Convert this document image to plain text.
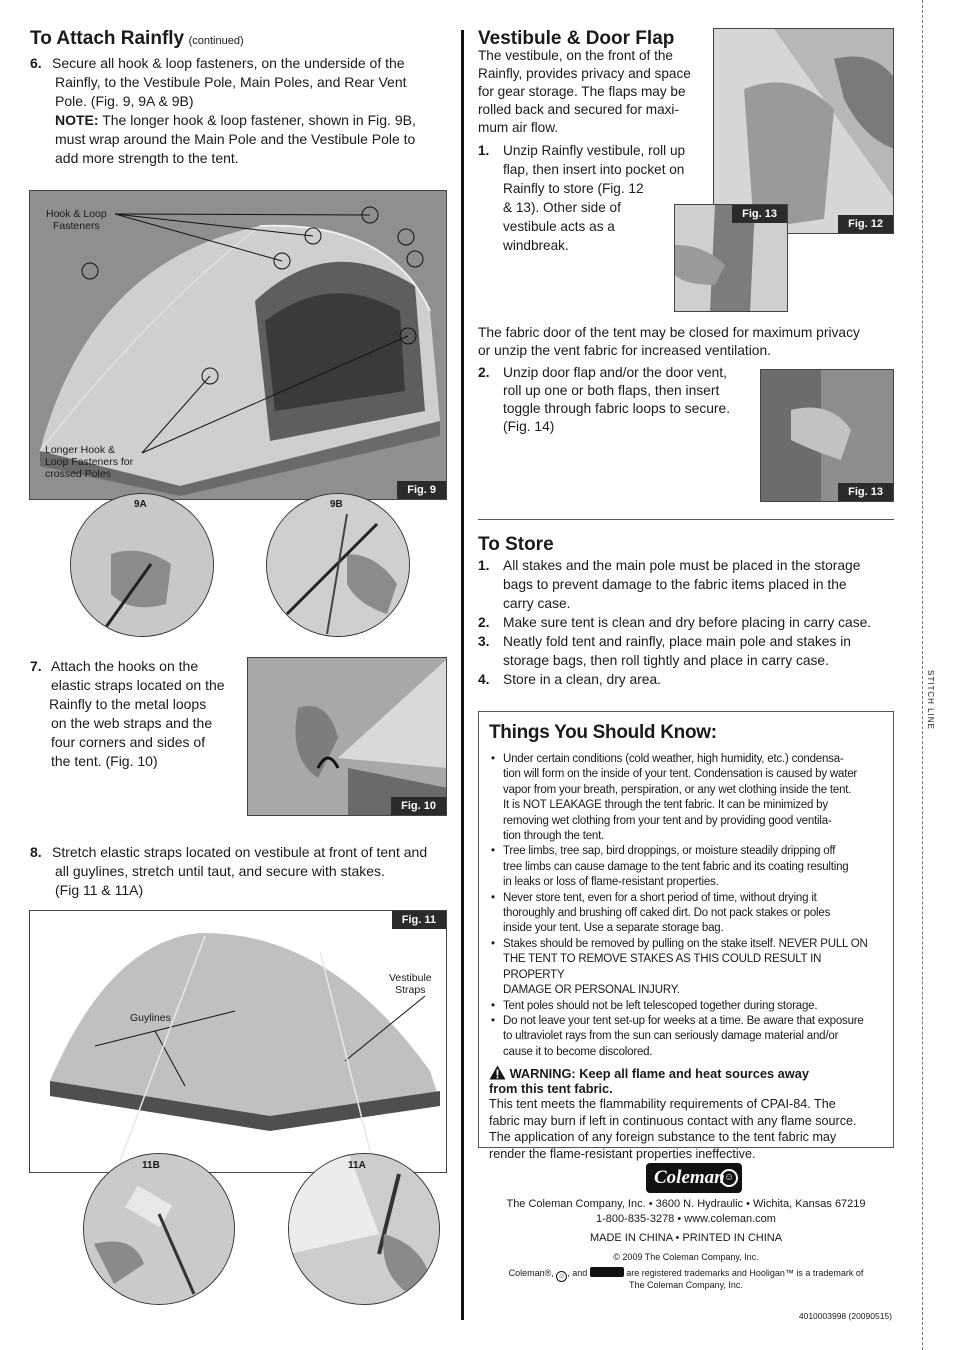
To Attach Rainfly (continued)
6. Secure all hook & loop fasteners, on the underside of the
Rainfly, to the Vestibule Pole, Main Poles, and Rear Vent
Pole. (Fig. 9, 9A & 9B)
NOTE: The longer hook & loop fastener, shown in Fig. 9B,
must wrap around the Main Pole and the Vestibule Pole to
add more strength to the tent.
Hook & Loop
Fasteners
Longer Hook &
Loop Fasteners for
crossed Poles
Fig. 9
9A	9B
7. Attach the hooks on the
elastic straps located on the
Rainfly to the metal loops
on the web straps and the
four corners and sides of
the tent. (Fig. 10)
Fig. 10
8. Stretch elastic straps located on vestibule at front of tent and
all guylines, stretch until taut, and secure with stakes.
(Fig 11 & 11A)
Guylines
Vestibule
Straps
Fig. 11
11B	11A
Vestibule & Door Flap
The vestibule, on the front of the
Rainfly, provides privacy and space
for gear storage. The flaps may be
rolled back and secured for maxi-
mum air flow.
1. Unzip Rainfly vestibule, roll up
flap, then insert into pocket on
Rainfly to store (Fig. 12
& 13). Other side of
vestibule acts as a
windbreak.
Fig. 12
Fig. 13
The fabric door of the tent may be closed for maximum privacy
or unzip the vent fabric for increased ventilation.
2. Unzip door flap and/or the door vent,
roll up one or both flaps, then insert
toggle through fabric loops to secure.
(Fig. 14)
Fig. 13
To Store
1. All stakes and the main pole must be placed in the storage
bags to prevent damage to the fabric items placed in the
carry case.
2. Make sure tent is clean and dry before placing in carry case.
3. Neatly fold tent and rainfly, place main pole and stakes in
storage bags, then roll tightly and place in carry case.
4. Store in a clean, dry area.
Things You Should Know:
• Under certain conditions (cold weather, high humidity, etc.) condensa-
tion will form on the inside of your tent. Condensation is caused by water
vapor from your breath, perspiration, or any wet clothing inside the tent.
It is NOT LEAKAGE through the tent fabric. It can be minimized by
removing wet clothing from your tent and by providing good ventila-
tion through the tent.
• Tree limbs, tree sap, bird droppings, or moisture steadily dripping off
tree limbs can cause damage to the tent fabric and its coating resulting
in leaks or loss of flame-resistant properties.
• Never store tent, even for a short period of time, without drying it
thoroughly and brushing off caked dirt. Do not pack stakes or poles
inside your tent. Use a separate storage bag.
• Stakes should be removed by pulling on the stake itself. NEVER PULL ON
THE TENT TO REMOVE STAKES AS THIS COULD RESULT IN PROPERTY
DAMAGE OR PERSONAL INJURY.
• Tent poles should not be left telescoped together during storage.
• Do not leave your tent set-up for weeks at a time. Be aware that exposure
to ultraviolet rays from the sun can seriously damage material and/or
cause it to become discolored.
WARNING: Keep all flame and heat sources away
from this tent fabric.
This tent meets the flammability requirements of CPAI-84. The
fabric may burn if left in continuous contact with any flame source.
The application of any foreign substance to the tent fabric may
render the flame-resistant properties ineffective.
Coleman ☺
The Coleman Company, Inc. • 3600 N. Hydraulic • Wichita, Kansas 67219
1-800-835-3278 • www.coleman.com
MADE IN CHINA • PRINTED IN CHINA
© 2009 The Coleman Company, Inc.
Coleman®, ☺ , and	are registered trademarks and Hooligan™ is a trademark of
The Coleman Company, Inc.
4010003998 (20090515)
STITCH LINE
